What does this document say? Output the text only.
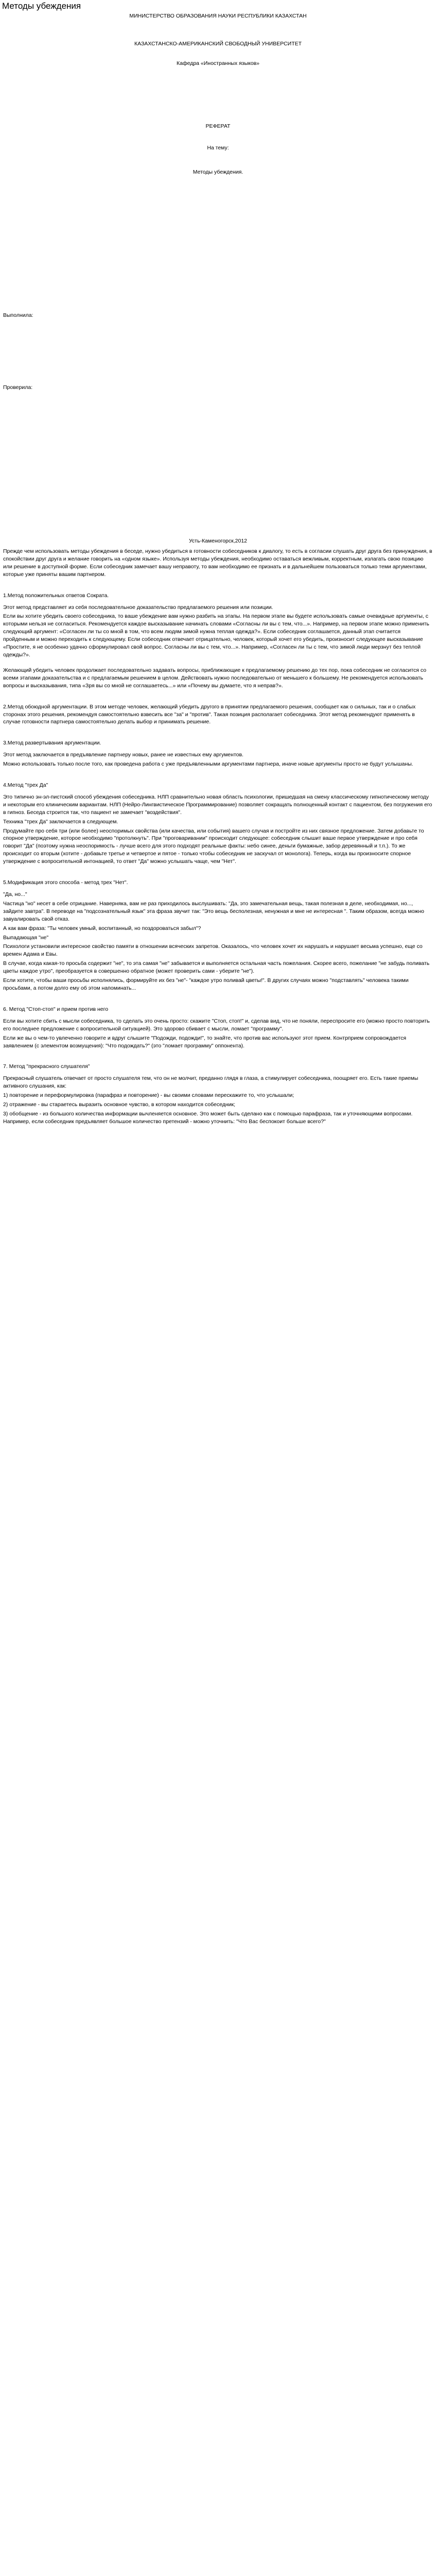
Методы убеждения

МИНИСТЕРСТВО ОБРАЗОВАНИЯ НАУКИ РЕСПУБЛИКИ КАЗАХСТАН

КАЗАХСТАНСКО-АМЕРИКАНСКИЙ СВОБОДНЫЙ УНИВЕРСИТЕТ

Кафедра «Иностранных языков»

РЕФЕРАТ

На тему:

Методы убеждения.

Выполнила:

Проверила:

Усть-Каменогорск,2012

Прежде чем использовать методы убеждения в беседе, нужно убедиться в готовности собеседников к диалогу, то есть в согласии слушать друг друга без принуждения, в спокойствии друг друга и желание говорить на «одном языке». Используя методы убеждения, необходимо оставаться вежливым, корректным, излагать свою позицию или решение в доступной форме. Если собеседник замечает вашу неправоту, то вам необходимо ее признать и в дальнейшем пользоваться только теми аргументами, которые уже приняты вашим партнером.

1.Метод положительных ответов Сократа.

Этот метод представляет из себя последовательное доказательство предлагаемого решения или позиции.

Если вы хотите убедить своего собеседника, то ваше убеждение вам нужно разбить на этапы. На первом этапе вы будете использовать самые очевидные аргументы, с которыми нельзя не согласиться. Рекомендуется каждое высказывание начинать словами «Согласны ли вы с тем, что...». Например, на первом этапе можно применить следующий аргумент: «Согласен ли ты со мной в том, что всем людям зимой нужна теплая одежда?». Если собеседник соглашается, данный этап считается пройденным и можно переходить к следующему. Если собеседник отвечает отрицательно, человек, который хочет его убедить, произносит следующее высказывание «Простите, я не особенно удачно сформулировал свой вопрос. Согласны ли вы с тем, что...». Например, «Согласен ли ты с тем, что зимой люди мерзнут без теплой одежды?».

Желающий убедить человек продолжает последовательно задавать вопросы, приближающие к предлагаемому решению до тех пор, пока собеседник не согласится со всеми этапами доказательства и с предлагаемым решением в целом. Действовать нужно последовательно от меньшего к большему. Не рекомендуется использовать вопросы и высказывания, типа «Зря вы со мной не соглашаетесь...» или «Почему вы думаете, что я неправ?».

2.Метод обоюдной аргументации. В этом методе человек, желающий убедить другого в принятии предлагаемого решения, сообщает как о сильных, так и о слабых сторонах этого решения, рекомендуя самостоятельно взвесить все "за" и "против". Такая позиция располагает собеседника. Этот метод рекомендуют применять в случае готовности партнера самостоятельно делать выбор и принимать решение.

3.Метод развертывания аргументации.

Этот метод заключается в предъявление партнеру новых, ранее не известных ему аргументов.

Можно использовать только после того, как проведена работа с уже предъявленными аргументами партнера, иначе новые аргументы просто не будут услышаны.

4.Метод "трех Да"

Это типично эн-эл-пистский способ убеждения собеседника. НЛП сравнительно новая область психологии, пришедшая на смену классическому гипнотическому методу и некоторым его клиническим вариантам. НЛП (Нейро-Лингвистическое Программирование) позволяет сокращать полноценный контакт с пациентом, без погружения его в гипноз. Беседа строится так, что пациент не замечает "воздействия".

Техника "трех Да" заключается в следующем.

Продумайте про себя три (или более) неоспоримых свойства (или качества, или события) вашего случая и постройте из них связное предложение. Затем добавьте то спорное утверждение, которое необходимо "протолкнуть". При "проговаривании" происходит следующее: собеседник слышит ваше первое утверждение и про себя говорит "Да" (поэтому нужна неоспоримость - лучше всего для этого подходят реальные факты: небо синее, деньги бумажные, забор деревянный и т.п.). То же происходит со вторым (хотите - добавьте третье и четвертое и пятое - только чтобы собеседник не заскучал от монолога). Теперь, когда вы произносите спорное утверждение с вопросительной интонацией, то ответ "Да" можно услышать чаще, чем "Нет".

5.Модификация этого способа - метод трех "Нет".

"Да, но..."

Частица "но" несет в себе отрицание. Наверняка, вам не раз приходилось выслушивать: "Да, это замечательная вещь, такая полезная в деле, необходимая, но..., зайдите завтра". В переводе на "подсознательный язык" эта фраза звучит так: "Это вещь бесполезная, ненужная и мне не интересная ". Таким образом, всегда можно завуалировать свой отказ.

А как вам фраза: "Ты человек умный, воспитанный, но поздороваться забыл"?

Выпадающая "не"

Психологи установили интересное свойство памяти в отношении всяческих запретов. Оказалось, что человек хочет их нарушать и нарушает весьма успешно, еще со времен Адама и Евы.

В случае, когда какая-то просьба содержит "не", то эта самая "не" забывается и выполняется остальная часть пожелания. Скорее всего, пожелание "не забудь поливать цветы каждое утро", преобразуется в совершенно обратное (может проверить сами - уберите "не").

Если хотите, чтобы ваши просьбы исполнялись, формируйте их без "не"- "каждое утро поливай цветы!". В других случаях можно "подставлять" человека такими просьбами, а потом долго ему об этом напоминать...

6. Метод "Стоп-стоп" и прием против него

Если вы хотите сбить с мысли собеседника, то сделать это очень просто: скажите "Стоп, стоп!" и, сделав вид, что не поняли, переспросите его (можно просто повторить его последнее предложение с вопросительной ситуацией). Это здорово сбивает с мысли, ломает "программу".

Если же вы о чем-то увлеченно говорите и вдруг слышите "Подожди, подожди!", то знайте, что против вас используют этот прием. Контрприем сопровождается заявлением (с элементом возмущения): "Что подождать?" (это "ломает программу" оппонента).

7. Метод "прекрасного слушателя"

Прекрасный слушатель отвечает от просто слушателя тем, что он не молчит, преданно глядя в глаза, а стимулирует собеседника, поощряет его. Есть такие приемы активного слушания, как:

1) повторение и переформулировка (парафраз и повторение) - вы своими словами перескажите то, что услышали;

2) отражение - вы стараетесь выразить основное чувство, в котором находится собеседник;

3) обобщение - из большого количества информации вычленяется основное. Это может быть сделано как с помощью парафраза, так и уточняющими вопросами. Например, если собеседник предъявляет большое количество претензий - можно уточнить: "Что Вас беспокоит больше всего?"
